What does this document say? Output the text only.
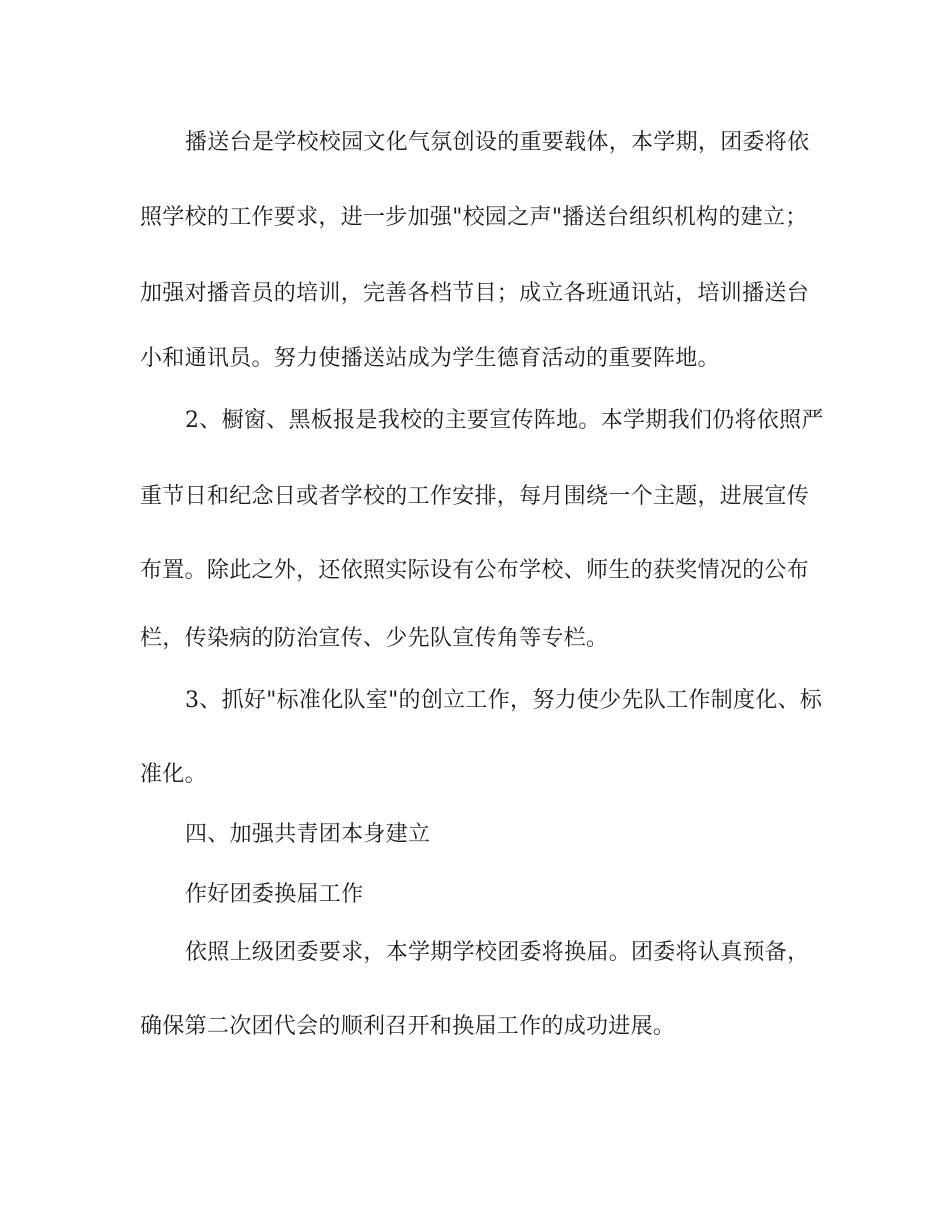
播送台是学校校园文化气氛创设的重要载体，本学期，团委将依
照学校的工作要求，进一步加强"校园之声"播送台组织机构的建立；
加强对播音员的培训，完善各档节目；成立各班通讯站，培训播送台
小和通讯员。努力使播送站成为学生德育活动的重要阵地。
2、橱窗、黑板报是我校的主要宣传阵地。本学期我们仍将依照严
重节日和纪念日或者学校的工作安排，每月围绕一个主题，进展宣传
布置。除此之外，还依照实际设有公布学校、师生的获奖情况的公布
栏，传染病的防治宣传、少先队宣传角等专栏。
3、抓好"标准化队室"的创立工作，努力使少先队工作制度化、标
准化。
四、加强共青团本身建立
作好团委换届工作
依照上级团委要求，本学期学校团委将换届。团委将认真预备，
确保第二次团代会的顺利召开和换届工作的成功进展。
